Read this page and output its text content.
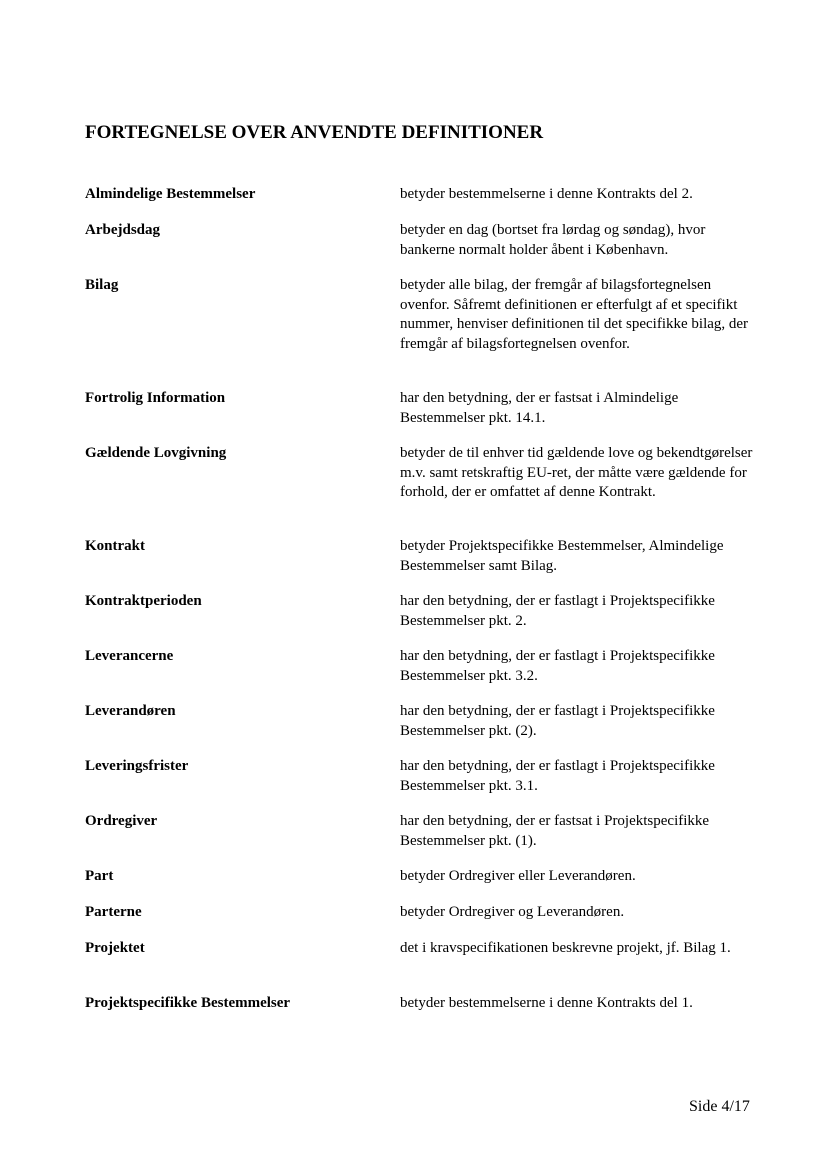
FORTEGNELSE OVER ANVENDTE DEFINITIONER
Almindelige Bestemmelser	betyder bestemmelserne i denne Kontrakts del 2.
Arbejdsdag	betyder en dag (bortset fra lørdag og søndag), hvor bankerne normalt holder åbent i København.
Bilag	betyder alle bilag, der fremgår af bilagsfortegnelsen ovenfor. Såfremt definitionen er efterfulgt af et specifikt nummer, henviser definitionen til det specifikke bilag, der fremgår af bilagsfortegnelsen ovenfor.
Fortrolig Information	har den betydning, der er fastsat i Almindelige Bestemmelser pkt. 14.1.
Gældende Lovgivning	betyder de til enhver tid gældende love og bekendtgørelser m.v. samt retskraftig EU-ret, der måtte være gældende for forhold, der er omfattet af denne Kontrakt.
Kontrakt	betyder Projektspecifikke Bestemmelser, Almindelige Bestemmelser samt Bilag.
Kontraktperioden	har den betydning, der er fastlagt i Projektspecifikke Bestemmelser pkt. 2.
Leverancerne	har den betydning, der er fastlagt i Projektspecifikke Bestemmelser pkt. 3.2.
Leverandøren	har den betydning, der er fastlagt i Projektspecifikke Bestemmelser pkt. (2).
Leveringsfrister	har den betydning, der er fastlagt i Projektspecifikke Bestemmelser pkt. 3.1.
Ordregiver	har den betydning, der er fastsat i Projektspecifikke Bestemmelser pkt. (1).
Part	betyder Ordregiver eller Leverandøren.
Parterne	betyder Ordregiver og Leverandøren.
Projektet	det i kravspecifikationen beskrevne projekt, jf. Bilag 1.
Projektspecifikke Bestemmelser	betyder bestemmelserne i denne Kontrakts del 1.
Side 4/17
